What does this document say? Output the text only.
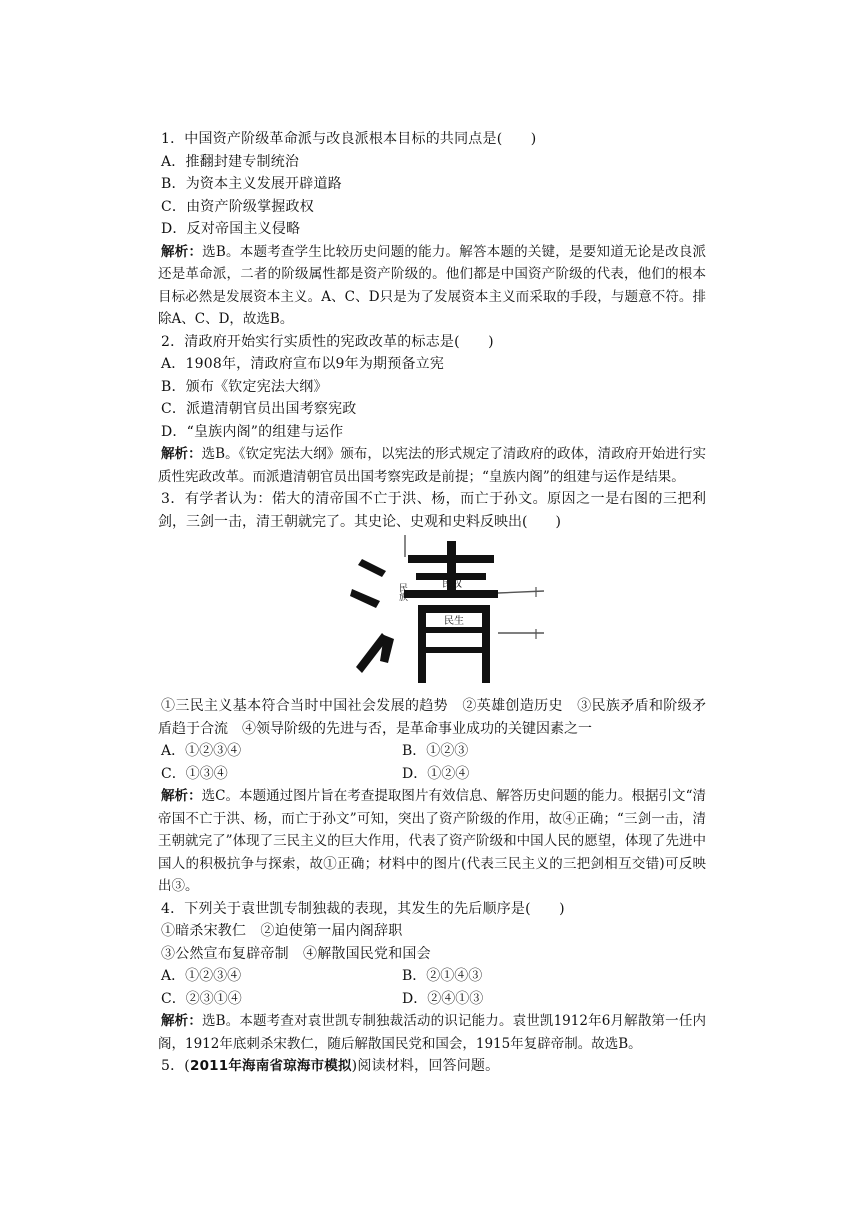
1．中国资产阶级革命派与改良派根本目标的共同点是(　　)
A．推翻封建专制统治
B．为资本主义发展开辟道路
C．由资产阶级掌握政权
D．反对帝国主义侵略
解析：选B。本题考查学生比较历史问题的能力。解答本题的关键，是要知道无论是改良派还是革命派，二者的阶级属性都是资产阶级的。他们都是中国资产阶级的代表，他们的根本目标必然是发展资本主义。A、C、D只是为了发展资本主义而采取的手段，与题意不符。排除A、C、D，故选B。
2．清政府开始实行实质性的宪政改革的标志是(　　)
A．1908年，清政府宣布以9年为期预备立宪
B．颁布《钦定宪法大纲》
C．派遣清朝官员出国考察宪政
D．“皇族内阁”的组建与运作
解析：选B。《钦定宪法大纲》颁布，以宪法的形式规定了清政府的政体，清政府开始进行实质性宪政改革。而派遣清朝官员出国考察宪政是前提；“皇族内阁”的组建与运作是结果。
3．有学者认为：偌大的清帝国不亡于洪、杨，而亡于孙文。原因之一是右图的三把利剑，三剑一击，清王朝就完了。其史论、史观和史料反映出(　　)
民族	民权
民生
①三民主义基本符合当时中国社会发展的趋势　②英雄创造历史　③民族矛盾和阶级矛盾趋于合流　④领导阶级的先进与否，是革命事业成功的关键因素之一
A．①②③④	B．①②③
C．①③④	D．①②④
解析：选C。本题通过图片旨在考查提取图片有效信息、解答历史问题的能力。根据引文“清帝国不亡于洪、杨，而亡于孙文”可知，突出了资产阶级的作用，故④正确；“三剑一击，清王朝就完了”体现了三民主义的巨大作用，代表了资产阶级和中国人民的愿望，体现了先进中国人的积极抗争与探索，故①正确；材料中的图片(代表三民主义的三把剑相互交错)可反映出③。
4．下列关于袁世凯专制独裁的表现，其发生的先后顺序是(　　)
①暗杀宋教仁　②迫使第一届内阁辞职
③公然宣布复辟帝制　④解散国民党和国会
A．①②③④	B．②①④③
C．②③①④	D．②④①③
解析：选B。本题考查对袁世凯专制独裁活动的识记能力。袁世凯1912年6月解散第一任内阁，1912年底刺杀宋教仁，随后解散国民党和国会，1915年复辟帝制。故选B。
5．(2011年海南省琼海市模拟)阅读材料，回答问题。
